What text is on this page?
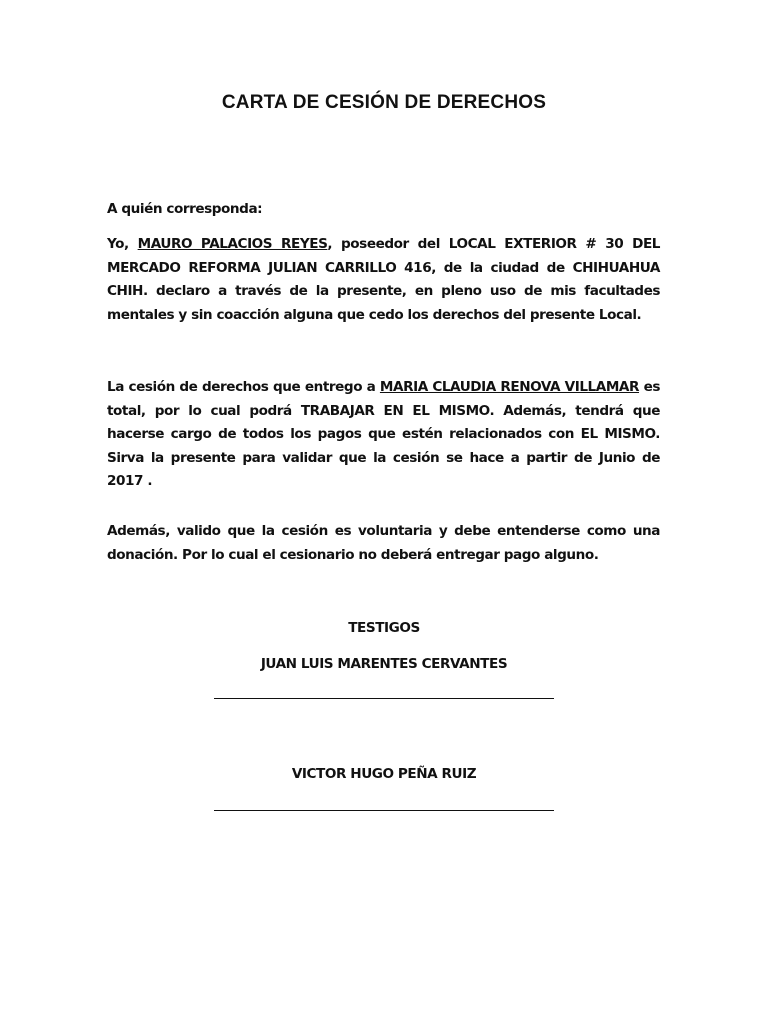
CARTA DE CESIÓN DE DERECHOS
A quién corresponda:
Yo, MAURO PALACIOS REYES, poseedor del LOCAL EXTERIOR # 30 DEL MERCADO REFORMA JULIAN CARRILLO 416, de la ciudad de CHIHUAHUA CHIH. declaro a través de la presente, en pleno uso de mis facultades mentales y sin coacción alguna que cedo los derechos del presente Local.
La cesión de derechos que entrego a MARIA CLAUDIA RENOVA VILLAMAR es total, por lo cual podrá TRABAJAR EN EL MISMO. Además, tendrá que hacerse cargo de todos los pagos que estén relacionados con EL MISMO. Sirva la presente para validar que la cesión se hace a partir de Junio de 2017 .
Además, valido que la cesión es voluntaria y debe entenderse como una donación. Por lo cual el cesionario no deberá entregar pago alguno.
TESTIGOS
JUAN LUIS MARENTES CERVANTES
VICTOR HUGO PEÑA RUIZ
